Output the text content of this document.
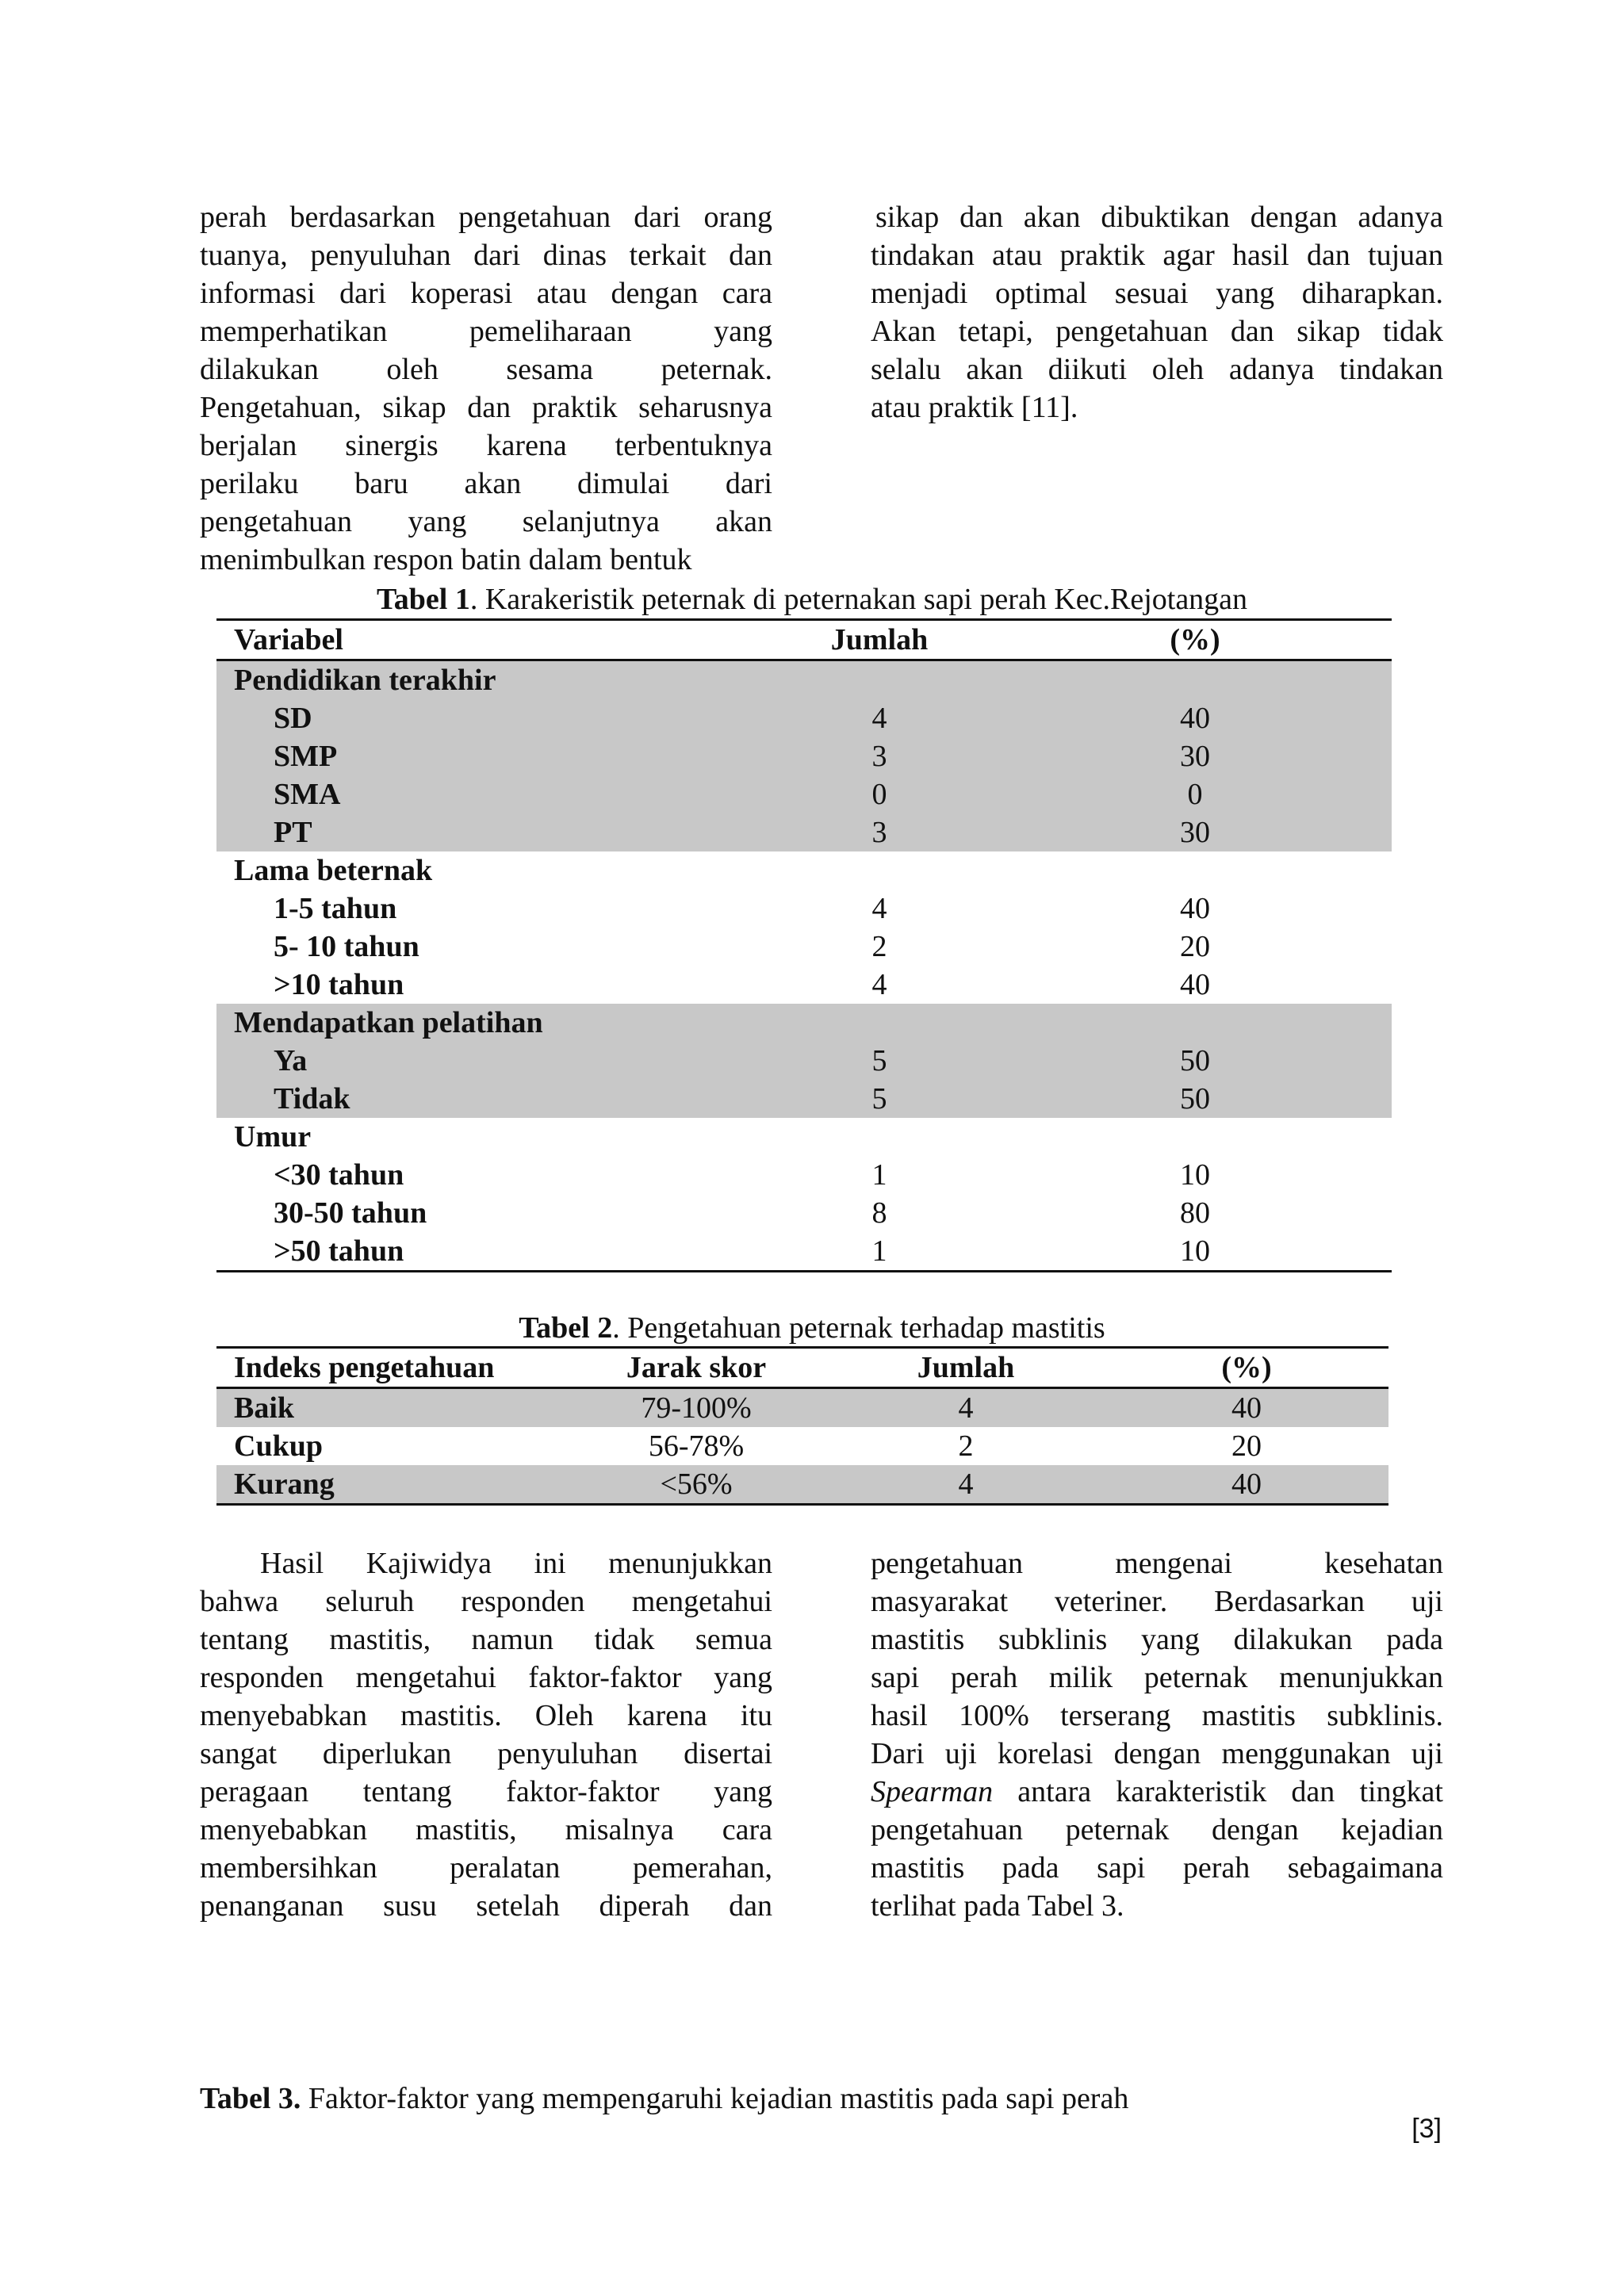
perah berdasarkan pengetahuan dari orang
tuanya, penyuluhan dari dinas terkait dan
informasi dari koperasi atau dengan cara
memperhatikan pemeliharaan yang
dilakukan oleh sesama peternak.
Pengetahuan, sikap dan praktik seharusnya
berjalan sinergis karena terbentuknya
perilaku baru akan dimulai dari
pengetahuan yang selanjutnya akan
menimbulkan respon batin dalam bentuk
sikap dan akan dibuktikan dengan adanya
tindakan atau praktik agar hasil dan tujuan
menjadi optimal sesuai yang diharapkan.
Akan tetapi, pengetahuan dan sikap tidak
selalu akan diikuti oleh adanya tindakan
atau praktik [11].

Tabel 1. Karakeristik peternak di peternakan sapi perah Kec.Rejotangan

Variabel	Jumlah	(%)
Pendidikan terakhir		
SD	4	40
SMP	3	30
SMA	0	0
PT	3	30
Lama beternak		
1-5 tahun	4	40
5- 10 tahun	2	20
>10 tahun	4	40
Mendapatkan pelatihan		
Ya	5	50
Tidak	5	50
Umur		
<30 tahun	1	10
30-50 tahun	8	80
>50 tahun	1	10

Tabel 2. Pengetahuan peternak terhadap mastitis

Indeks pengetahuan	Jarak skor	Jumlah	(%)
Baik	79-100%	4	40
Cukup	56-78%	2	20
Kurang	<56%	4	40
Hasil Kajiwidya ini menunjukkan
bahwa seluruh responden mengetahui
tentang mastitis, namun tidak semua
responden mengetahui faktor-faktor yang
menyebabkan mastitis. Oleh karena itu
sangat diperlukan penyuluhan disertai
peragaan tentang faktor-faktor yang
menyebabkan mastitis, misalnya cara
membersihkan peralatan pemerahan,
penanganan susu setelah diperah dan
pengetahuan mengenai kesehatan
masyarakat veteriner. Berdasarkan uji
mastitis subklinis yang dilakukan pada
sapi perah milik peternak menunjukkan
hasil 100% terserang mastitis subklinis.
Dari uji korelasi dengan menggunakan uji
Spearman antara karakteristik dan tingkat
pengetahuan peternak dengan kejadian
mastitis pada sapi perah sebagaimana
terlihat pada Tabel 3.

Tabel 3. Faktor-faktor yang mempengaruhi kejadian mastitis pada sapi perah

[3]
